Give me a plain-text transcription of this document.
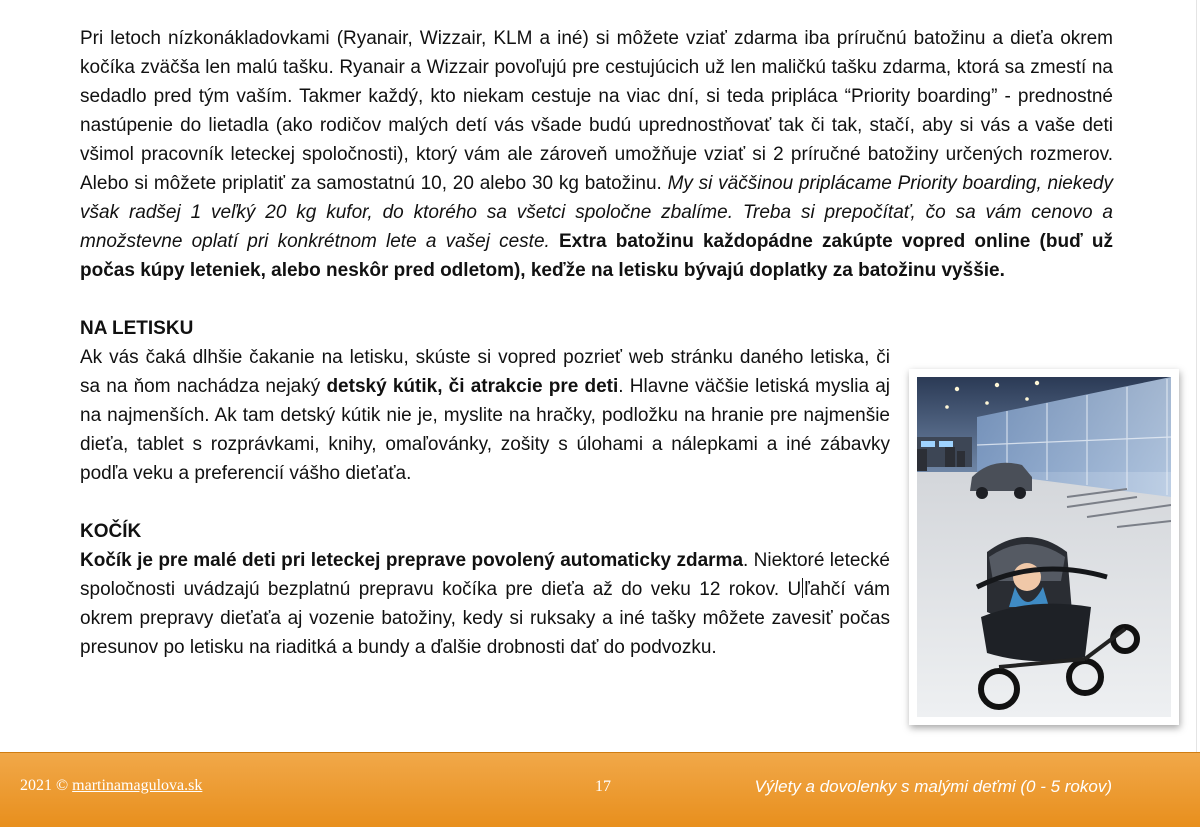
Pri letoch nízkonákladovkami (Ryanair, Wizzair, KLM a iné) si môžete vziať zdarma iba príručnú batožinu a dieťa okrem kočíka zväčša len malú tašku. Ryanair a Wizzair povoľujú pre cestujúcich už len maličkú tašku zdarma, ktorá sa zmestí na sedadlo pred tým vaším. Takmer každý, kto niekam cestuje na viac dní, si teda pripláca “Priority boarding” - prednostné nastúpenie do lietadla (ako rodičov malých detí vás všade budú uprednostňovať tak či tak, stačí, aby si vás a vaše deti všimol pracovník leteckej spoločnosti), ktorý vám ale zároveň umožňuje vziať si 2 príručné batožiny určených rozmerov. Alebo si môžete priplatiť za samostatnú 10, 20 alebo 30 kg batožinu. My si väčšinou priplácame Priority boarding, niekedy však radšej 1 veľký 20 kg kufor, do ktorého sa všetci spoločne zbalíme. Treba si prepočítať, čo sa vám cenovo a množstevne oplatí pri konkrétnom lete a vašej ceste. Extra batožinu každopádne zakúpte vopred online (buď už počas kúpy leteniek, alebo neskôr pred odletom), keďže na letisku bývajú doplatky za batožinu vyššie.

NA LETISKU

Ak vás čaká dlhšie čakanie na letisku, skúste si vopred pozrieť web stránku daného letiska, či sa na ňom nachádza nejaký detský kútik, či atrakcie pre deti. Hlavne väčšie letiská myslia aj na najmenších. Ak tam detský kútik nie je, myslite na hračky, podložku na hranie pre najmenšie dieťa, tablet s rozprávkami, knihy, omaľovánky, zošity s úlohami a nálepkami a iné zábavky podľa veku a preferencií vášho dieťaťa.

KOČÍK

Kočík je pre malé deti pri leteckej preprave povolený automaticky zdarma. Niektoré letecké spoločnosti uvádzajú bezplatnú prepravu kočíka pre dieťa až do veku 12 rokov. U ľahčí vám okrem prepravy dieťaťa aj vozenie batožiny, kedy si ruksaky a iné tašky môžete zavesiť počas presunov po letisku na riaditká a bundy a ďalšie drobnosti dať do podvozku.

2021 © martinamagulova.sk	17	Výlety a dovolenky s malými deťmi (0 - 5 rokov)
